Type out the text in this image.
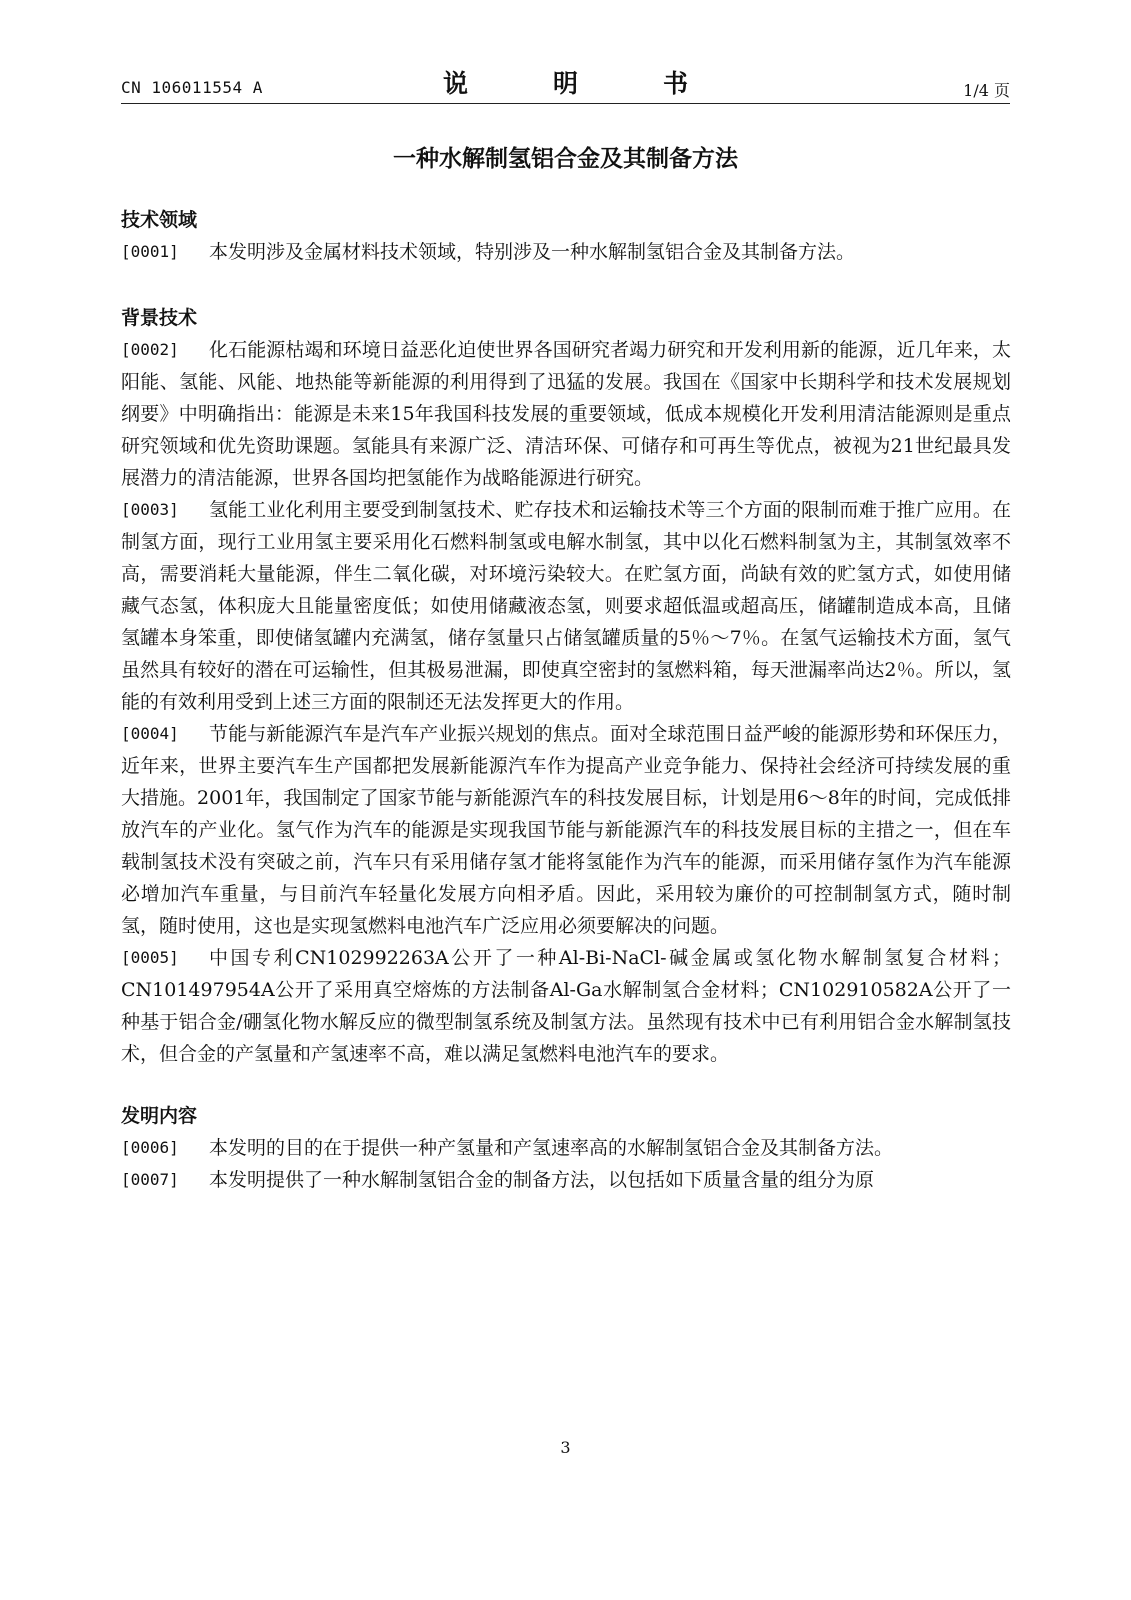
CN 106011554 A	说　明　书	1/4 页
一种水解制氢铝合金及其制备方法
技术领域
[0001] 本发明涉及金属材料技术领域，特别涉及一种水解制氢铝合金及其制备方法。
背景技术
[0002] 化石能源枯竭和环境日益恶化迫使世界各国研究者竭力研究和开发利用新的能源，近几年来，太阳能、氢能、风能、地热能等新能源的利用得到了迅猛的发展。我国在《国家中长期科学和技术发展规划纲要》中明确指出：能源是未来15年我国科技发展的重要领域，低成本规模化开发利用清洁能源则是重点研究领域和优先资助课题。氢能具有来源广泛、清洁环保、可储存和可再生等优点，被视为21世纪最具发展潜力的清洁能源，世界各国均把氢能作为战略能源进行研究。
[0003] 氢能工业化利用主要受到制氢技术、贮存技术和运输技术等三个方面的限制而难于推广应用。在制氢方面，现行工业用氢主要采用化石燃料制氢或电解水制氢，其中以化石燃料制氢为主，其制氢效率不高，需要消耗大量能源，伴生二氧化碳，对环境污染较大。在贮氢方面，尚缺有效的贮氢方式，如使用储藏气态氢，体积庞大且能量密度低；如使用储藏液态氢，则要求超低温或超高压，储罐制造成本高，且储氢罐本身笨重，即使储氢罐内充满氢，储存氢量只占储氢罐质量的5％～7％。在氢气运输技术方面，氢气虽然具有较好的潜在可运输性，但其极易泄漏，即使真空密封的氢燃料箱，每天泄漏率尚达2％。所以，氢能的有效利用受到上述三方面的限制还无法发挥更大的作用。
[0004] 节能与新能源汽车是汽车产业振兴规划的焦点。面对全球范围日益严峻的能源形势和环保压力，近年来，世界主要汽车生产国都把发展新能源汽车作为提高产业竞争能力、保持社会经济可持续发展的重大措施。2001年，我国制定了国家节能与新能源汽车的科技发展目标，计划是用6～8年的时间，完成低排放汽车的产业化。氢气作为汽车的能源是实现我国节能与新能源汽车的科技发展目标的主措之一，但在车载制氢技术没有突破之前，汽车只有采用储存氢才能将氢能作为汽车的能源，而采用储存氢作为汽车能源必增加汽车重量，与目前汽车轻量化发展方向相矛盾。因此，采用较为廉价的可控制制氢方式，随时制氢，随时使用，这也是实现氢燃料电池汽车广泛应用必须要解决的问题。
[0005] 中国专利CN102992263A公开了一种Al-Bi-NaCl-碱金属或氢化物水解制氢复合材料；CN101497954A公开了采用真空熔炼的方法制备Al-Ga水解制氢合金材料；CN102910582A公开了一种基于铝合金/硼氢化物水解反应的微型制氢系统及制氢方法。虽然现有技术中已有利用铝合金水解制氢技术，但合金的产氢量和产氢速率不高，难以满足氢燃料电池汽车的要求。
发明内容
[0006] 本发明的目的在于提供一种产氢量和产氢速率高的水解制氢铝合金及其制备方法。
[0007] 本发明提供了一种水解制氢铝合金的制备方法，以包括如下质量含量的组分为原
3
